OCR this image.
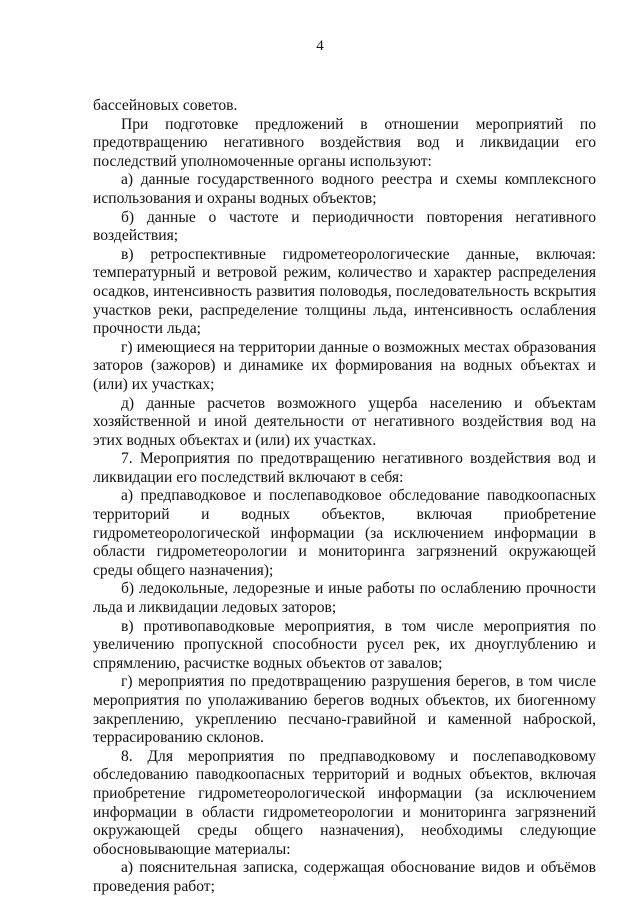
4

бассейновых советов.

При подготовке предложений в отношении мероприятий по предотвращению негативного воздействия вод и ликвидации его последствий уполномоченные органы используют:

а) данные государственного водного реестра и схемы комплексного использования и охраны водных объектов;

б) данные о частоте и периодичности повторения негативного воздействия;

в) ретроспективные гидрометеорологические данные, включая: температурный и ветровой режим, количество и характер распределения осадков, интенсивность развития половодья, последовательность вскрытия участков реки, распределение толщины льда, интенсивность ослабления прочности льда;

г) имеющиеся на территории данные о возможных местах образования заторов (зажоров) и динамике их формирования на водных объектах и (или) их участках;

д) данные расчетов возможного ущерба населению и объектам хозяйственной и иной деятельности от негативного воздействия вод на этих водных объектах и (или) их участках.

7. Мероприятия по предотвращению негативного воздействия вод и ликвидации его последствий включают в себя:

а) предпаводковое и послепаводковое обследование паводкоопасных территорий и водных объектов, включая приобретение гидрометеорологической информации (за исключением информации в области гидрометеорологии и мониторинга загрязнений окружающей среды общего назначения);

б) ледокольные, ледорезные и иные работы по ослаблению прочности льда и ликвидации ледовых заторов;

в) противопаводковые мероприятия, в том числе мероприятия по увеличению пропускной способности русел рек, их дноуглублению и спрямлению, расчистке водных объектов от завалов;

г) мероприятия по предотвращению разрушения берегов, в том числе мероприятия по уполаживанию берегов водных объектов, их биогенному закреплению, укреплению песчано-гравийной и каменной наброской, террасированию склонов.

8. Для мероприятия по предпаводковому и послепаводковому обследованию паводкоопасных территорий и водных объектов, включая приобретение гидрометеорологической информации (за исключением информации в области гидрометеорологии и мониторинга загрязнений окружающей среды общего назначения), необходимы следующие обосновывающие материалы:

а) пояснительная записка, содержащая обоснование видов и объёмов проведения работ;
